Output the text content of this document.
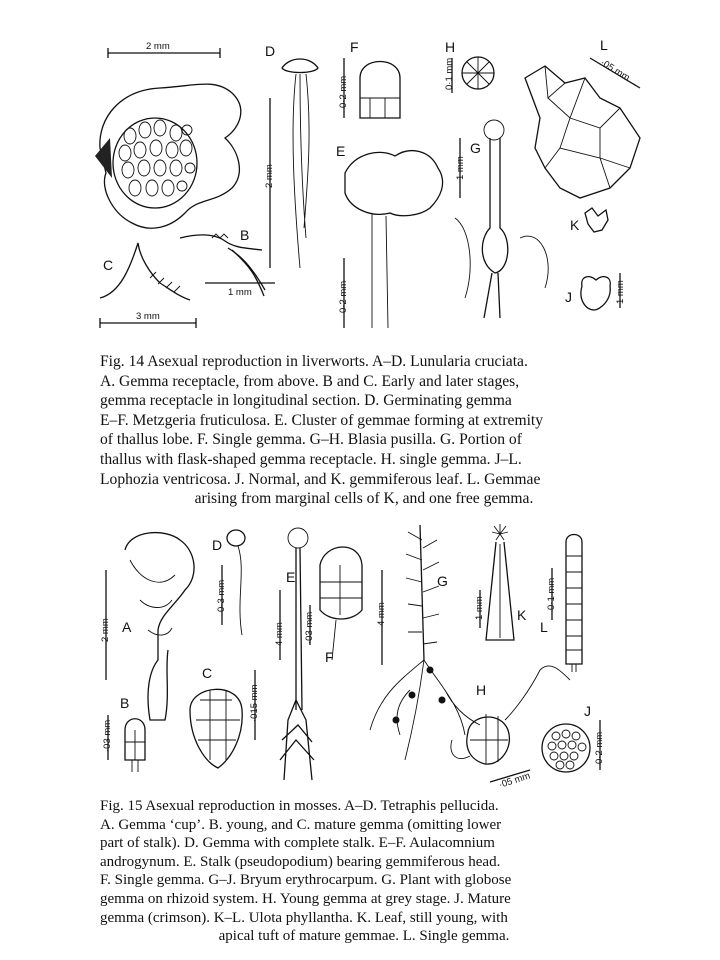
2 mm
B
1 mm
C
3 mm
D
2 mm
F
0·2 mm
E
0·2 mm
H
0·1 mm
G
1 mm
L
·05 mm
K
J	1 mm

Fig. 14 Asexual reproduction in liverworts. A–D. Lunularia cruciata.

A. Gemma receptacle, from above. B and C. Early and later stages,

gemma receptacle in longitudinal section. D. Germinating gemma

E–F. Metzgeria fruticulosa. E. Cluster of gemmae forming at extremity

of thallus lobe. F. Single gemma. G–H. Blasia pusilla. G. Portion of

thallus with flask-shaped gemma receptacle. H. single gemma. J–L.

Lophozia ventricosa. J. Normal, and K. gemmiferous leaf. L. Gemmae

arising from marginal cells of K, and one free gemma.

2 mm A
B
·03 mm
C
·015 mm
D
0·3 mm
E
4 mm
F
·03 mm
G
4 mm
H
·05 mm
J
0·2 mm
K
1 mm
L
0·1 mm

Fig. 15 Asexual reproduction in mosses. A–D. Tetraphis pellucida.

A. Gemma ‘cup’. B. young, and C. mature gemma (omitting lower

part of stalk). D. Gemma with complete stalk. E–F. Aulacomnium

androgynum. E. Stalk (pseudopodium) bearing gemmiferous head.

F. Single gemma. G–J. Bryum erythrocarpum. G. Plant with globose

gemma on rhizoid system. H. Young gemma at grey stage. J. Mature

gemma (crimson). K–L. Ulota phyllantha. K. Leaf, still young, with

apical tuft of mature gemmae. L. Single gemma.
